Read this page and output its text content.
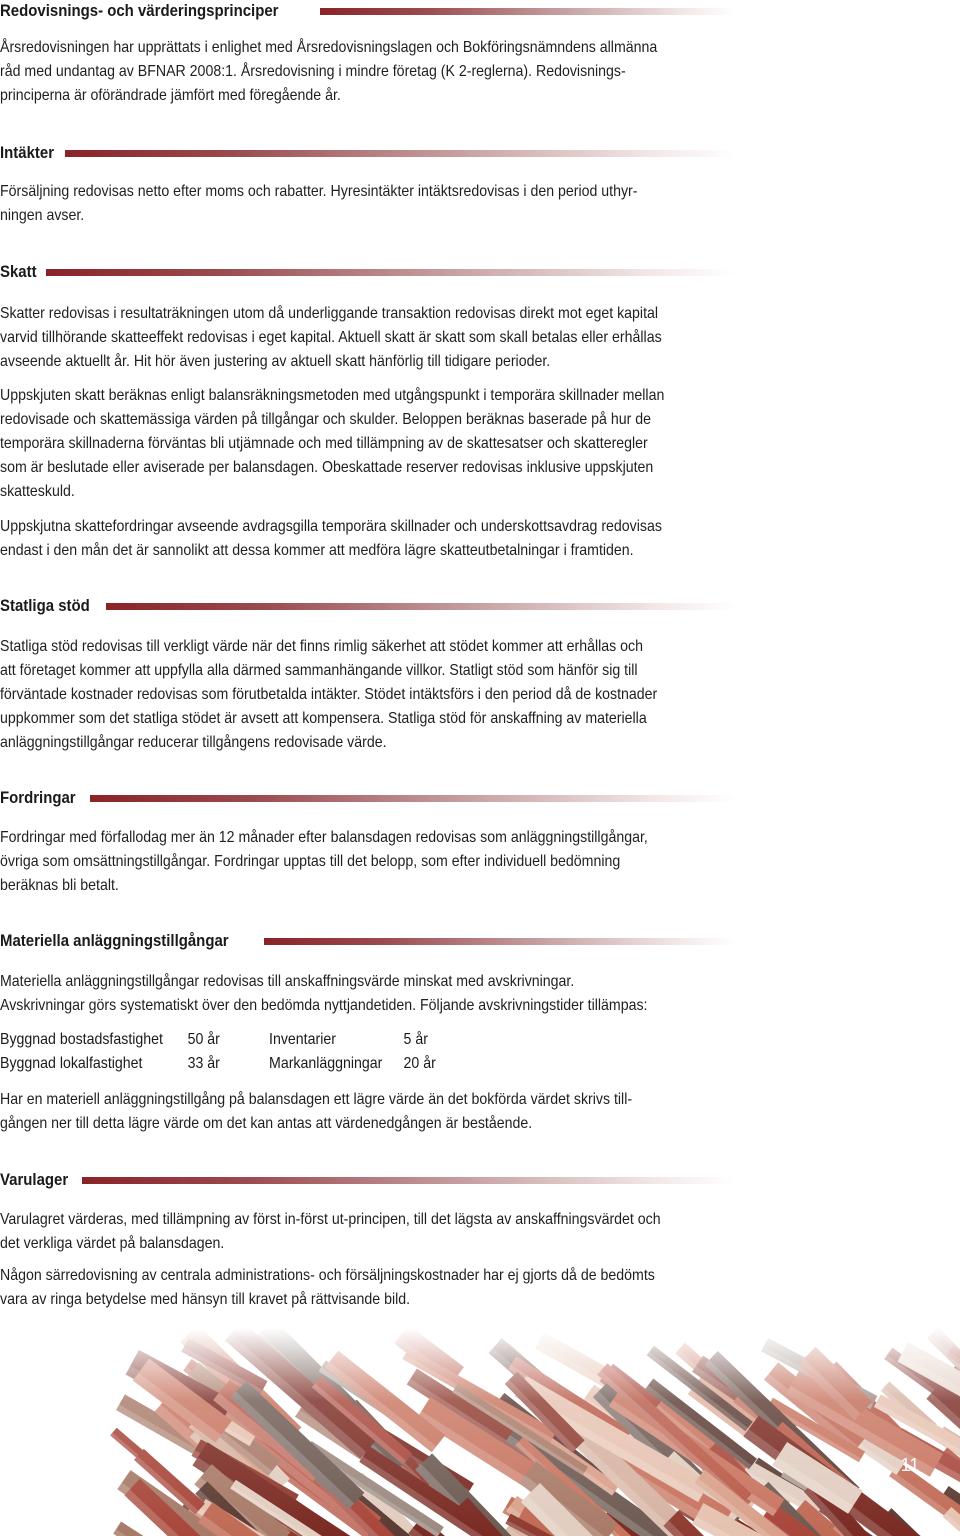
Redovisnings- och värderingsprinciper

Årsredovisningen har upprättats i enlighet med Årsredovisningslagen och Bokföringsnämndens allmänna

råd med undantag av BFNAR 2008:1. Årsredovisning i mindre företag (K 2-reglerna). Redovisnings-

principerna är oförändrade jämfört med föregående år.

Intäkter

Försäljning redovisas netto efter moms och rabatter. Hyresintäkter intäktsredovisas i den period uthyr-

ningen avser.

Skatt

Skatter redovisas i resultaträkningen utom då underliggande transaktion redovisas direkt mot eget kapital

varvid tillhörande skatteeffekt redovisas i eget kapital. Aktuell skatt är skatt som skall betalas eller erhållas

avseende aktuellt år. Hit hör även justering av aktuell skatt hänförlig till tidigare perioder.

Uppskjuten skatt beräknas enligt balansräkningsmetoden med utgångspunkt i temporära skillnader mellan

redovisade och skattemässiga värden på tillgångar och skulder. Beloppen beräknas baserade på hur de

temporära skillnaderna förväntas bli utjämnade och med tillämpning av de skattesatser och skatteregler

som är beslutade eller aviserade per balansdagen. Obeskattade reserver redovisas inklusive uppskjuten

skatteskuld.

Uppskjutna skattefordringar avseende avdragsgilla temporära skillnader och underskottsavdrag redovisas

endast i den mån det är sannolikt att dessa kommer att medföra lägre skatteutbetalningar i framtiden.

Statliga stöd

Statliga stöd redovisas till verkligt värde när det finns rimlig säkerhet att stödet kommer att erhållas och

att företaget kommer att uppfylla alla därmed sammanhängande villkor. Statligt stöd som hänför sig till

förväntade kostnader redovisas som förutbetalda intäkter. Stödet intäktsförs i den period då de kostnader

uppkommer som det statliga stödet är avsett att kompensera. Statliga stöd för anskaffning av materiella

anläggningstillgångar reducerar tillgångens redovisade värde.

Fordringar

Fordringar med förfallodag mer än 12 månader efter balansdagen redovisas som anläggningstillgångar,

övriga som omsättningstillgångar. Fordringar upptas till det belopp, som efter individuell bedömning

beräknas bli betalt.

Materiella anläggningstillgångar

Materiella anläggningstillgångar redovisas till anskaffningsvärde minskat med avskrivningar.

Avskrivningar görs systematiskt över den bedömda nyttjandetiden. Följande avskrivningstider tillämpas:

Byggnad bostadsfastighet	50 år	Inventarier	5 år
Byggnad lokalfastighet	33 år	Markanläggningar	20 år

Har en materiell anläggningstillgång på balansdagen ett lägre värde än det bokförda värdet skrivs till-

gången ner till detta lägre värde om det kan antas att värdenedgången är bestående.

Varulager

Varulagret värderas, med tillämpning av först in-först ut-principen, till det lägsta av anskaffningsvärdet och

det verkliga värdet på balansdagen.

Någon särredovisning av centrala administrations- och försäljningskostnader har ej gjorts då de bedömts

vara av ringa betydelse med hänsyn till kravet på rättvisande bild.

11
